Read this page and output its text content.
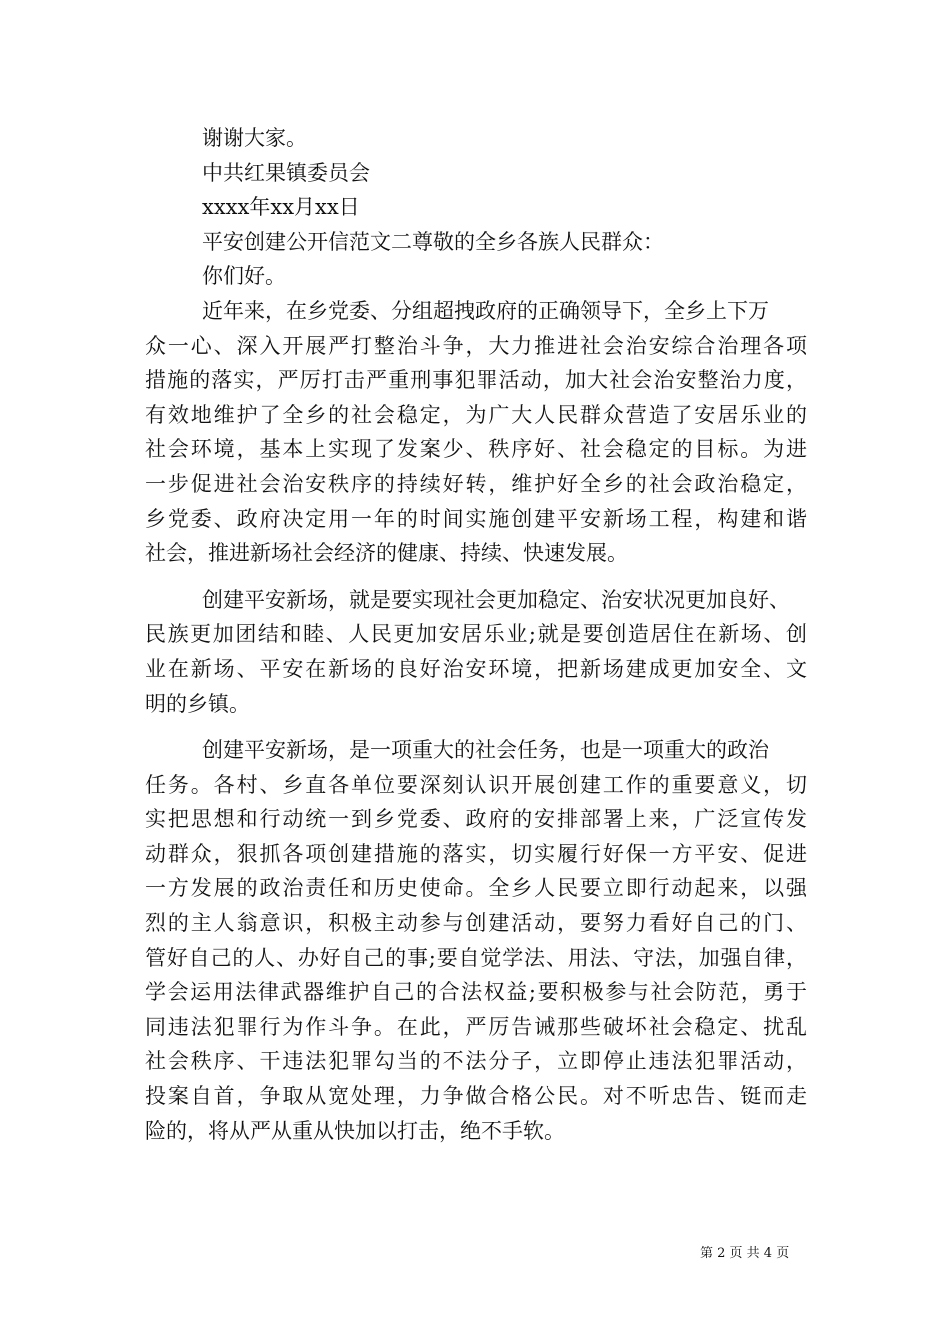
谢谢大家。
中共红果镇委员会
xxxx年xx月xx日
平安创建公开信范文二尊敬的全乡各族人民群众：
你们好。
近年来，在乡党委、分组超拽政府的正确领导下，全乡上下万
众一心、深入开展严打整治斗争，大力推进社会治安综合治理各项
措施的落实，严厉打击严重刑事犯罪活动，加大社会治安整治力度，
有效地维护了全乡的社会稳定，为广大人民群众营造了安居乐业的
社会环境，基本上实现了发案少、秩序好、社会稳定的目标。为进
一步促进社会治安秩序的持续好转，维护好全乡的社会政治稳定，
乡党委、政府决定用一年的时间实施创建平安新场工程，构建和谐
社会，推进新场社会经济的健康、持续、快速发展。
创建平安新场，就是要实现社会更加稳定、治安状况更加良好、
民族更加团结和睦、人民更加安居乐业;就是要创造居住在新场、创
业在新场、平安在新场的良好治安环境，把新场建成更加安全、文
明的乡镇。
创建平安新场，是一项重大的社会任务，也是一项重大的政治
任务。各村、乡直各单位要深刻认识开展创建工作的重要意义，切
实把思想和行动统一到乡党委、政府的安排部署上来，广泛宣传发
动群众，狠抓各项创建措施的落实，切实履行好保一方平安、促进
一方发展的政治责任和历史使命。全乡人民要立即行动起来，以强
烈的主人翁意识，积极主动参与创建活动，要努力看好自己的门、
管好自己的人、办好自己的事;要自觉学法、用法、守法，加强自律，
学会运用法律武器维护自己的合法权益;要积极参与社会防范，勇于
同违法犯罪行为作斗争。在此，严厉告诫那些破坏社会稳定、扰乱
社会秩序、干违法犯罪勾当的不法分子，立即停止违法犯罪活动，
投案自首，争取从宽处理，力争做合格公民。对不听忠告、铤而走
险的，将从严从重从快加以打击，绝不手软。
第 2 页 共 4 页
